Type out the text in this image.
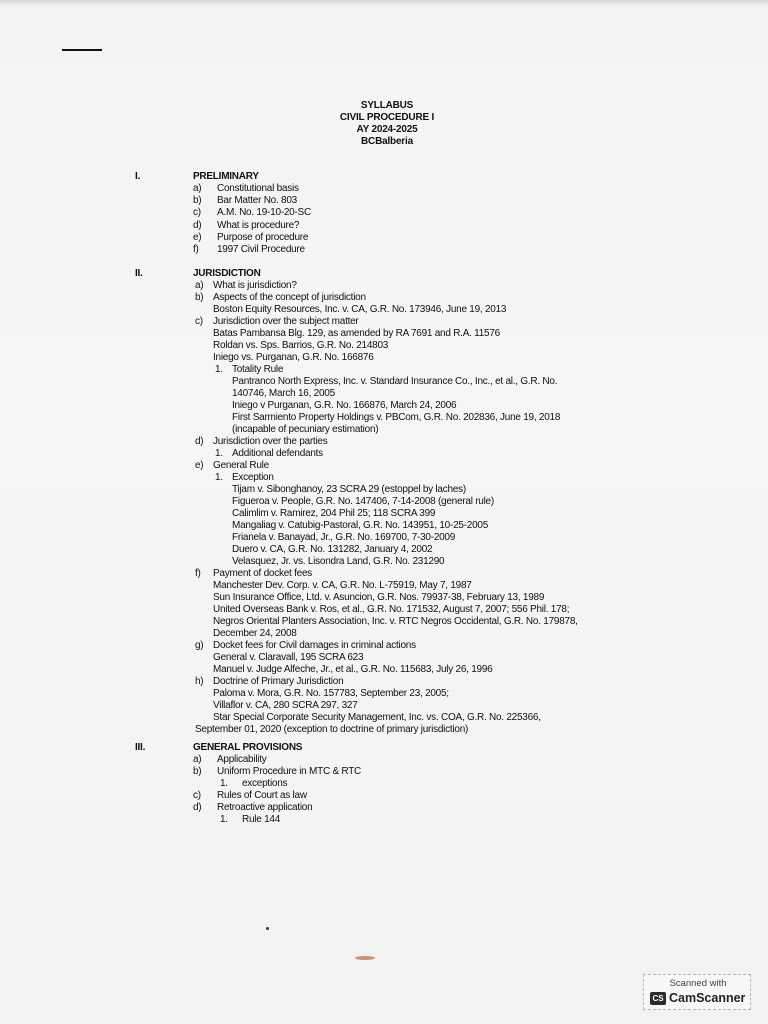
SYLLABUS
CIVIL PROCEDURE I
AY 2024-2025
BCBalberia
I.	PRELIMINARY
a) Constitutional basis
b) Bar Matter No. 803
c) A.M. No. 19-10-20-SC
d) What is procedure?
e) Purpose of procedure
f) 1997 Civil Procedure
II.	JURISDICTION
a) What is jurisdiction?
b) Aspects of the concept of jurisdiction
Boston Equity Resources, Inc. v. CA, G.R. No. 173946, June 19, 2013
c) Jurisdiction over the subject matter
Batas Pambansa Blg. 129, as amended by RA 7691 and R.A. 11576
Roldan vs. Sps. Barrios, G.R. No. 214803
Iniego vs. Purganan, G.R. No. 166876
1. Totality Rule
Pantranco North Express, Inc. v. Standard Insurance Co., Inc., et al., G.R. No.
140746, March 16, 2005
Iniego v Purganan, G.R. No. 166876, March 24, 2006
First Sarmiento Property Holdings v. PBCom, G.R. No. 202836, June 19, 2018
(incapable of pecuniary estimation)
d) Jurisdiction over the parties
1. Additional defendants
e) General Rule
1. Exception
Tijam v. Sibonghanoy, 23 SCRA 29 (estoppel by laches)
Figueroa v. People, G.R. No. 147406, 7-14-2008 (general rule)
Calimlim v. Ramirez, 204 Phil 25; 118 SCRA 399
Mangaliag v. Catubig-Pastoral, G.R. No. 143951, 10-25-2005
Frianela v. Banayad, Jr., G.R. No. 169700, 7-30-2009
Duero v. CA, G.R. No. 131282, January 4, 2002
Velasquez, Jr. vs. Lisondra Land, G.R. No. 231290
f) Payment of docket fees
Manchester Dev. Corp. v. CA, G.R. No. L-75919, May 7, 1987
Sun Insurance Office, Ltd. v. Asuncion, G.R. Nos. 79937-38, February 13, 1989
United Overseas Bank v. Ros, et al., G.R. No. 171532, August 7, 2007; 556 Phil. 178;
Negros Oriental Planters Association, Inc. v. RTC Negros Occidental, G.R. No. 179878,
December 24, 2008
g) Docket fees for Civil damages in criminal actions
General v. Claravall, 195 SCRA 623
Manuel v. Judge Alfeche, Jr., et al., G.R. No. 115683, July 26, 1996
h) Doctrine of Primary Jurisdiction
Paloma v. Mora, G.R. No. 157783, September 23, 2005;
Villaflor v. CA, 280 SCRA 297, 327
Star Special Corporate Security Management, Inc. vs. COA, G.R. No. 225366,
September 01, 2020 (exception to doctrine of primary jurisdiction)
III.	GENERAL PROVISIONS
a) Applicability
b) Uniform Procedure in MTC & RTC
1. exceptions
c) Rules of Court as law
d) Retroactive application
1. Rule 144
Scanned with
CS CamScanner
